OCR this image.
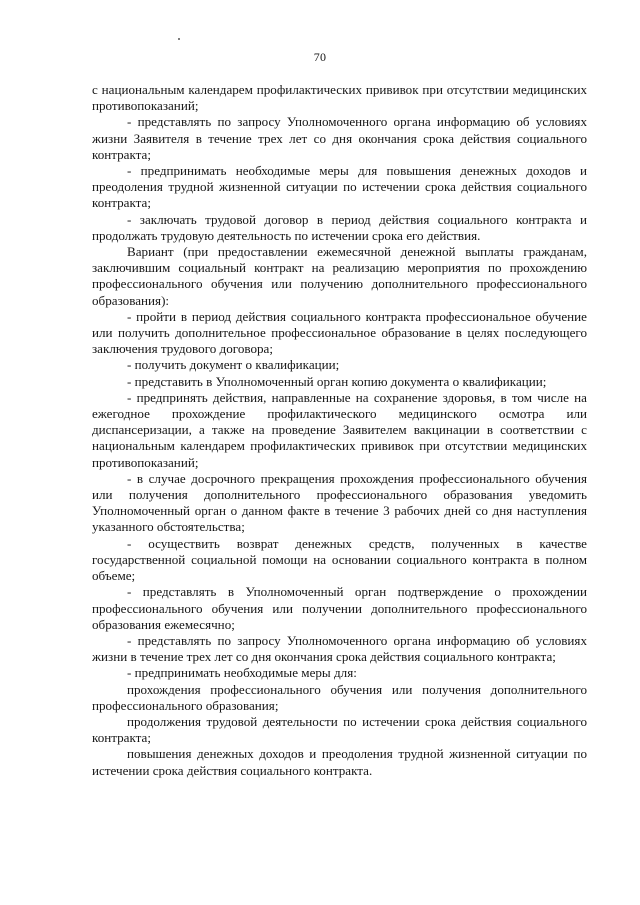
70

с национальным календарем профилактических прививок при отсутствии медицинских противопоказаний;

- представлять по запросу Уполномоченного органа информацию об условиях жизни Заявителя в течение трех лет со дня окончания срока действия социального контракта;

- предпринимать необходимые меры для повышения денежных доходов и преодоления трудной жизненной ситуации по истечении срока действия социального контракта;

- заключать трудовой договор в период действия социального контракта и продолжать трудовую деятельность по истечении срока его действия.

Вариант (при предоставлении ежемесячной денежной выплаты гражданам, заключившим социальный контракт на реализацию мероприятия по прохождению профессионального обучения или получению дополнительного профессионального образования):

- пройти в период действия социального контракта профессиональное обучение или получить дополнительное профессиональное образование в целях последующего заключения трудового договора;

- получить документ о квалификации;

- представить в Уполномоченный орган копию документа о квалификации;

- предпринять действия, направленные на сохранение здоровья, в том числе на ежегодное прохождение профилактического медицинского осмотра или диспансеризации, а также на проведение Заявителем вакцинации в соответствии с национальным календарем профилактических прививок при отсутствии медицинских противопоказаний;

- в случае досрочного прекращения прохождения профессионального обучения или получения дополнительного профессионального образования уведомить Уполномоченный орган о данном факте в течение 3 рабочих дней со дня наступления указанного обстоятельства;

- осуществить возврат денежных средств, полученных в качестве государственной социальной помощи на основании социального контракта в полном объеме;

- представлять в Уполномоченный орган подтверждение о прохождении профессионального обучения или получении дополнительного профессионального образования ежемесячно;

- представлять по запросу Уполномоченного органа информацию об условиях жизни в течение трех лет со дня окончания срока действия социального контракта;

- предпринимать необходимые меры для:

прохождения профессионального обучения или получения дополнительного профессионального образования;

продолжения трудовой деятельности по истечении срока действия социального контракта;

повышения денежных доходов и преодоления трудной жизненной ситуации по истечении срока действия социального контракта.
